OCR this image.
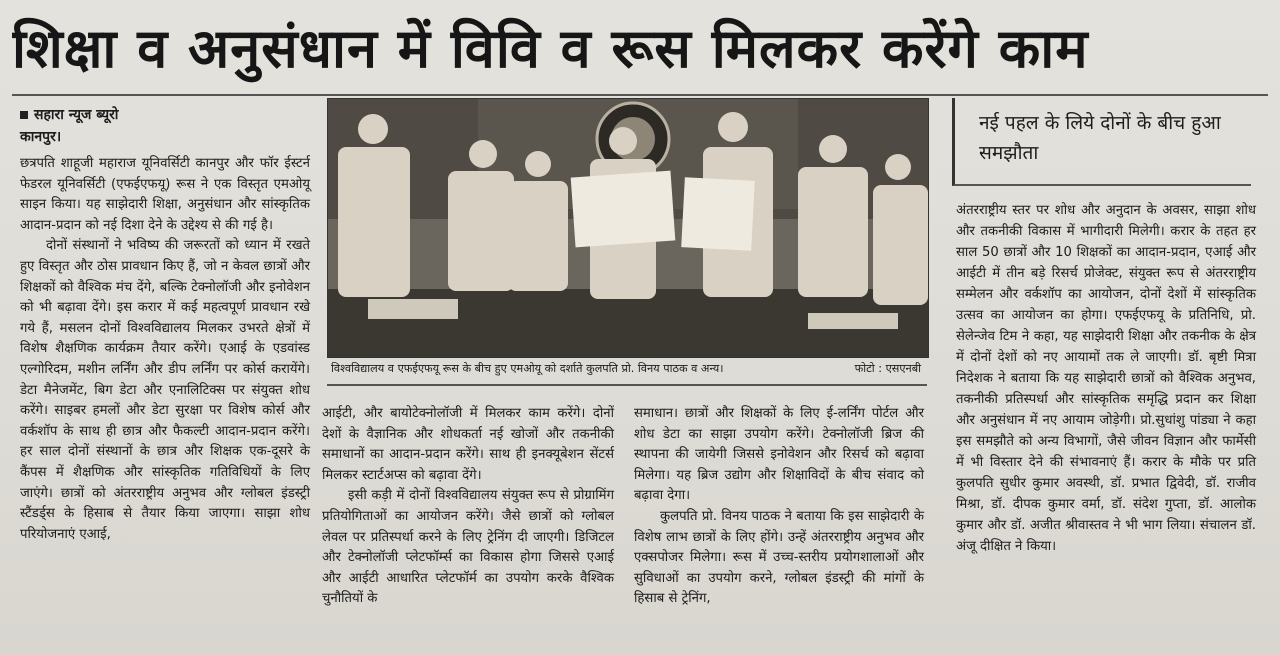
शिक्षा व अनुसंधान में विवि व रूस मिलकर करेंगे काम

सहारा न्यूज ब्यूरो

कानपुर।

छत्रपति शाहूजी महाराज यूनिवर्सिटी कानपुर और फॉर ईस्टर्न फेडरल यूनिवर्सिटी (एफईएफयू) रूस ने एक विस्तृत एमओयू साइन किया। यह साझेदारी शिक्षा, अनुसंधान और सांस्कृतिक आदान-प्रदान को नई दिशा देने के उद्देश्य से की गई है।

दोनों संस्थानों ने भविष्य की जरूरतों को ध्यान में रखते हुए विस्तृत और ठोस प्रावधान किए हैं, जो न केवल छात्रों और शिक्षकों को वैश्विक मंच देंगे, बल्कि टेक्नोलॉजी और इनोवेशन को भी बढ़ावा देंगे। इस करार में कई महत्वपूर्ण प्रावधान रखे गये हैं, मसलन दोनों विश्वविद्यालय मिलकर उभरते क्षेत्रों में विशेष शैक्षणिक कार्यक्रम तैयार करेंगे। एआई के एडवांस्ड एल्गोरिदम, मशीन लर्निंग और डीप लर्निंग पर कोर्स करायेंगे। डेटा मैनेजमेंट, बिग डेटा और एनालिटिक्स पर संयुक्त शोध करेंगे। साइबर हमलों और डेटा सुरक्षा पर विशेष कोर्स और वर्कशॉप के साथ ही छात्र और फैकल्टी आदान-प्रदान करेंगे। हर साल दोनों संस्थानों के छात्र और शिक्षक एक-दूसरे के कैंपस में शैक्षणिक और सांस्कृतिक गतिविधियों के लिए जाएंगे। छात्रों को अंतरराष्ट्रीय अनुभव और ग्लोबल इंडस्ट्री स्टैंडर्ड्स के हिसाब से तैयार किया जाएगा। साझा शोध परियोजनाएं एआई,

विश्वविद्यालय व एफईएफयू रूस के बीच हुए एमओयू को दर्शाते कुलपति प्रो. विनय पाठक व अन्य।	फोटो : एसएनबी

आईटी, और बायोटेक्नोलॉजी में मिलकर काम करेंगे। दोनों देशों के वैज्ञानिक और शोधकर्ता नई खोजों और तकनीकी समाधानों का आदान-प्रदान करेंगे। साथ ही इनक्यूबेशन सेंटर्स मिलकर स्टार्टअप्स को बढ़ावा देंगे।

इसी कड़ी में दोनों विश्वविद्यालय संयुक्त रूप से प्रोग्रामिंग प्रतियोगिताओं का आयोजन करेंगे। जैसे छात्रों को ग्लोबल लेवल पर प्रतिस्पर्धा करने के लिए ट्रेनिंग दी जाएगी। डिजिटल और टेक्नोलॉजी प्लेटफॉर्म्स का विकास होगा जिससे एआई और आईटी आधारित प्लेटफॉर्म का उपयोग करके वैश्विक चुनौतियों के

समाधान। छात्रों और शिक्षकों के लिए ई-लर्निंग पोर्टल और शोध डेटा का साझा उपयोग करेंगे। टेक्नोलॉजी ब्रिज की स्थापना की जायेगी जिससे इनोवेशन और रिसर्च को बढ़ावा मिलेगा। यह ब्रिज उद्योग और शिक्षाविदों के बीच संवाद को बढ़ावा देगा।

कुलपति प्रो. विनय पाठक ने बताया कि इस साझेदारी के विशेष लाभ छात्रों के लिए होंगे। उन्हें अंतरराष्ट्रीय अनुभव और एक्सपोजर मिलेगा। रूस में उच्च-स्तरीय प्रयोगशालाओं और सुविधाओं का उपयोग करने, ग्लोबल इंडस्ट्री की मांगों के हिसाब से ट्रेनिंग,

नई पहल के लिये दोनों के बीच हुआ समझौता

अंतरराष्ट्रीय स्तर पर शोध और अनुदान के अवसर, साझा शोध और तकनीकी विकास में भागीदारी मिलेगी। करार के तहत हर साल 50 छात्रों और 10 शिक्षकों का आदान-प्रदान, एआई और आईटी में तीन बड़े रिसर्च प्रोजेक्ट, संयुक्त रूप से अंतरराष्ट्रीय सम्मेलन और वर्कशॉप का आयोजन, दोनों देशों में सांस्कृतिक उत्सव का आयोजन का होगा। एफईएफयू के प्रतिनिधि, प्रो. सेलेन्जेव टिम ने कहा, यह साझेदारी शिक्षा और तकनीक के क्षेत्र में दोनों देशों को नए आयामों तक ले जाएगी। डॉ. बृष्टी मित्रा निदेशक ने बताया कि यह साझेदारी छात्रों को वैश्विक अनुभव, तकनीकी प्रतिस्पर्धा और सांस्कृतिक समृद्धि प्रदान कर शिक्षा और अनुसंधान में नए आयाम जोड़ेगी। प्रो.सुधांशु पांड्या ने कहा इस समझौते को अन्य विभागों, जैसे जीवन विज्ञान और फार्मेसी में भी विस्तार देने की संभावनाएं हैं। करार के मौके पर प्रति कुलपति सुधीर कुमार अवस्थी, डॉ. प्रभात द्विवेदी, डॉ. राजीव मिश्रा, डॉ. दीपक कुमार वर्मा, डॉ. संदेश गुप्ता, डॉ. आलोक कुमार और डॉ. अजीत श्रीवास्तव ने भी भाग लिया। संचालन डॉ. अंजू दीक्षित ने किया।
